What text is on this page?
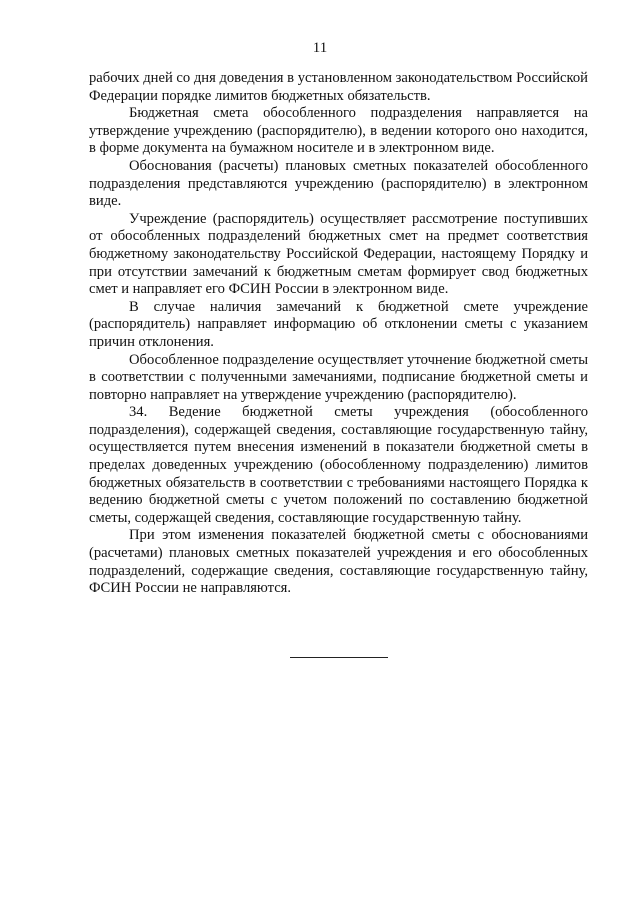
11

рабочих дней со дня доведения в установленном законодательством Российской Федерации порядке лимитов бюджетных обязательств.

Бюджетная смета обособленного подразделения направляется на утверждение учреждению (распорядителю), в ведении которого оно находится, в форме документа на бумажном носителе и в электронном виде.

Обоснования (расчеты) плановых сметных показателей обособленного подразделения представляются учреждению (распорядителю) в электронном виде.

Учреждение (распорядитель) осуществляет рассмотрение поступивших от обособленных подразделений бюджетных смет на предмет соответствия бюджетному законодательству Российской Федерации, настоящему Порядку и при отсутствии замечаний к бюджетным сметам формирует свод бюджетных смет и направляет его ФСИН России в электронном виде.

В случае наличия замечаний к бюджетной смете учреждение (распорядитель) направляет информацию об отклонении сметы с указанием причин отклонения.

Обособленное подразделение осуществляет уточнение бюджетной сметы в соответствии с полученными замечаниями, подписание бюджетной сметы и повторно направляет на утверждение учреждению (распорядителю).

34. Ведение бюджетной сметы учреждения (обособленного подразделения), содержащей сведения, составляющие государственную тайну, осуществляется путем внесения изменений в показатели бюджетной сметы в пределах доведенных учреждению (обособленному подразделению) лимитов бюджетных обязательств в соответствии с требованиями настоящего Порядка к ведению бюджетной сметы с учетом положений по составлению бюджетной сметы, содержащей сведения, составляющие государственную тайну.

При этом изменения показателей бюджетной сметы с обоснованиями (расчетами) плановых сметных показателей учреждения и его обособленных подразделений, содержащие сведения, составляющие государственную тайну, ФСИН России не направляются.
